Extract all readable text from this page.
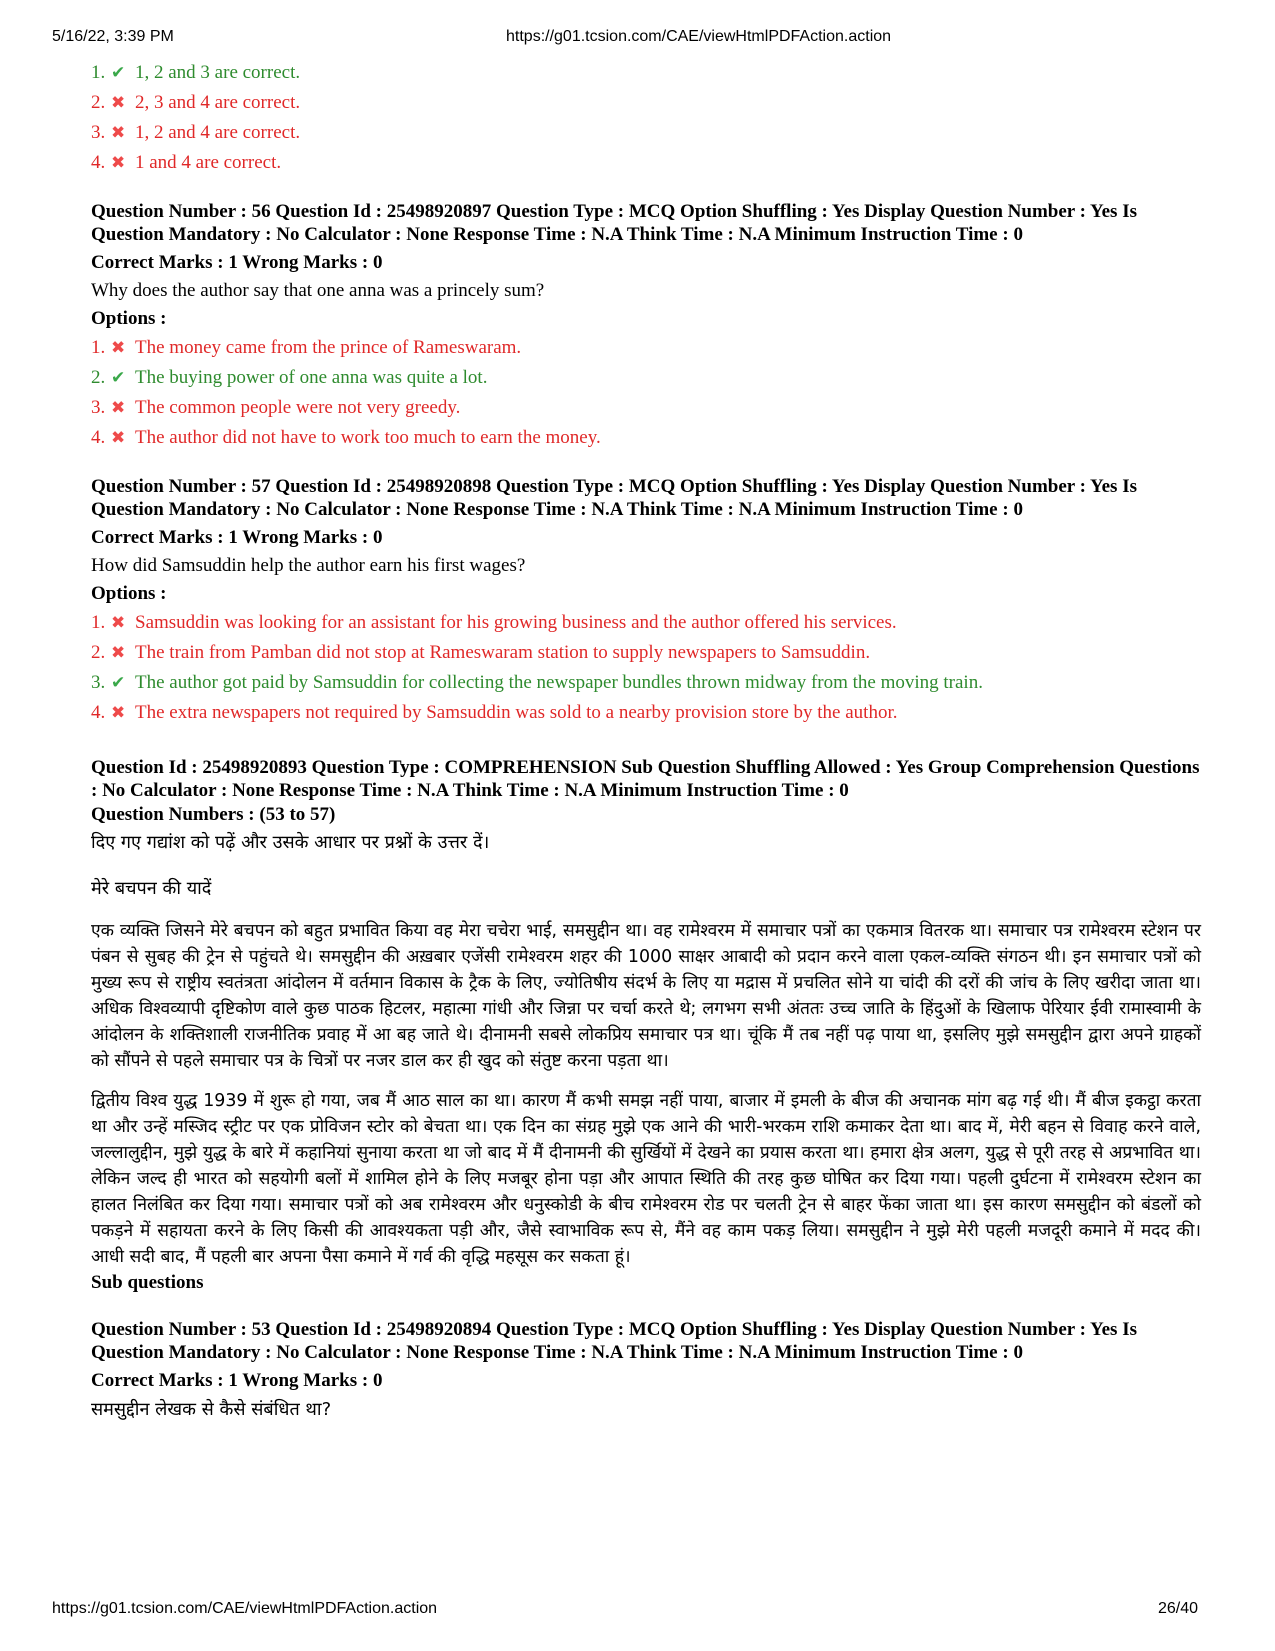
5/16/22, 3:39 PM	https://g01.tcsion.com/CAE/viewHtmlPDFAction.action
1. ✔ 1, 2 and 3 are correct.
2. ✖ 2, 3 and 4 are correct.
3. ✖ 1, 2 and 4 are correct.
4. ✖ 1 and 4 are correct.
Question Number : 56 Question Id : 25498920897 Question Type : MCQ Option Shuffling : Yes Display Question Number : Yes Is Question Mandatory : No Calculator : None Response Time : N.A Think Time : N.A Minimum Instruction Time : 0
Correct Marks : 1 Wrong Marks : 0
Why does the author say that one anna was a princely sum?
Options :
1. ✖ The money came from the prince of Rameswaram.
2. ✔ The buying power of one anna was quite a lot.
3. ✖ The common people were not very greedy.
4. ✖ The author did not have to work too much to earn the money.
Question Number : 57 Question Id : 25498920898 Question Type : MCQ Option Shuffling : Yes Display Question Number : Yes Is Question Mandatory : No Calculator : None Response Time : N.A Think Time : N.A Minimum Instruction Time : 0
Correct Marks : 1 Wrong Marks : 0
How did Samsuddin help the author earn his first wages?
Options :
1. ✖ Samsuddin was looking for an assistant for his growing business and the author offered his services.
2. ✖ The train from Pamban did not stop at Rameswaram station to supply newspapers to Samsuddin.
3. ✔ The author got paid by Samsuddin for collecting the newspaper bundles thrown midway from the moving train.
4. ✖ The extra newspapers not required by Samsuddin was sold to a nearby provision store by the author.
Question Id : 25498920893 Question Type : COMPREHENSION Sub Question Shuffling Allowed : Yes Group Comprehension Questions : No Calculator : None Response Time : N.A Think Time : N.A Minimum Instruction Time : 0
Question Numbers : (53 to 57)
दिए गए गद्यांश को पढ़ें और उसके आधार पर प्रश्नों के उत्तर दें।
मेरे बचपन की यादें
एक व्यक्ति जिसने मेरे बचपन को बहुत प्रभावित किया वह मेरा चचेरा भाई, समसुद्दीन था। वह रामेश्वरम में समाचार पत्रों का एकमात्र वितरक था। समाचार पत्र रामेश्वरम स्टेशन पर पंबन से सुबह की ट्रेन से पहुंचते थे। समसुद्दीन की अख़बार एजेंसी रामेश्वरम शहर की 1000 साक्षर आबादी को प्रदान करने वाला एकल-व्यक्ति संगठन थी। इन समाचार पत्रों को मुख्य रूप से राष्ट्रीय स्वतंत्रता आंदोलन में वर्तमान विकास के ट्रैक के लिए, ज्योतिषीय संदर्भ के लिए या मद्रास में प्रचलित सोने या चांदी की दरों की जांच के लिए खरीदा जाता था। अधिक विश्वव्यापी दृष्टिकोण वाले कुछ पाठक हिटलर, महात्मा गांधी और जिन्ना पर चर्चा करते थे; लगभग सभी अंततः उच्च जाति के हिंदुओं के खिलाफ पेरियार ईवी रामास्वामी के आंदोलन के शक्तिशाली राजनीतिक प्रवाह में आ बह जाते थे। दीनामनी सबसे लोकप्रिय समाचार पत्र था। चूंकि मैं तब नहीं पढ़ पाया था, इसलिए मुझे समसुद्दीन द्वारा अपने ग्राहकों को सौंपने से पहले समाचार पत्र के चित्रों पर नजर डाल कर ही खुद को संतुष्ट करना पड़ता था।
द्वितीय विश्व युद्ध 1939 में शुरू हो गया, जब मैं आठ साल का था। कारण मैं कभी समझ नहीं पाया, बाजार में इमली के बीज की अचानक मांग बढ़ गई थी। मैं बीज इकट्ठा करता था और उन्हें मस्जिद स्ट्रीट पर एक प्रोविजन स्टोर को बेचता था। एक दिन का संग्रह मुझे एक आने की भारी-भरकम राशि कमाकर देता था। बाद में, मेरी बहन से विवाह करने वाले, जल्लालुद्दीन, मुझे युद्ध के बारे में कहानियां सुनाया करता था जो बाद में मैं दीनामनी की सुर्खियों में देखने का प्रयास करता था। हमारा क्षेत्र अलग, युद्ध से पूरी तरह से अप्रभावित था। लेकिन जल्द ही भारत को सहयोगी बलों में शामिल होने के लिए मजबूर होना पड़ा और आपात स्थिति की तरह कुछ घोषित कर दिया गया। पहली दुर्घटना में रामेश्वरम स्टेशन का हालत निलंबित कर दिया गया। समाचार पत्रों को अब रामेश्वरम और धनुस्कोडी के बीच रामेश्वरम रोड पर चलती ट्रेन से बाहर फेंका जाता था। इस कारण समसुद्दीन को बंडलों को पकड़ने में सहायता करने के लिए किसी की आवश्यकता पड़ी और, जैसे स्वाभाविक रूप से, मैंने वह काम पकड़ लिया। समसुद्दीन ने मुझे मेरी पहली मजदूरी कमाने में मदद की। आधी सदी बाद, मैं पहली बार अपना पैसा कमाने में गर्व की वृद्धि महसूस कर सकता हूं।
Sub questions
Question Number : 53 Question Id : 25498920894 Question Type : MCQ Option Shuffling : Yes Display Question Number : Yes Is Question Mandatory : No Calculator : None Response Time : N.A Think Time : N.A Minimum Instruction Time : 0
Correct Marks : 1 Wrong Marks : 0
समसुद्दीन लेखक से कैसे संबंधित था?
https://g01.tcsion.com/CAE/viewHtmlPDFAction.action	26/40
